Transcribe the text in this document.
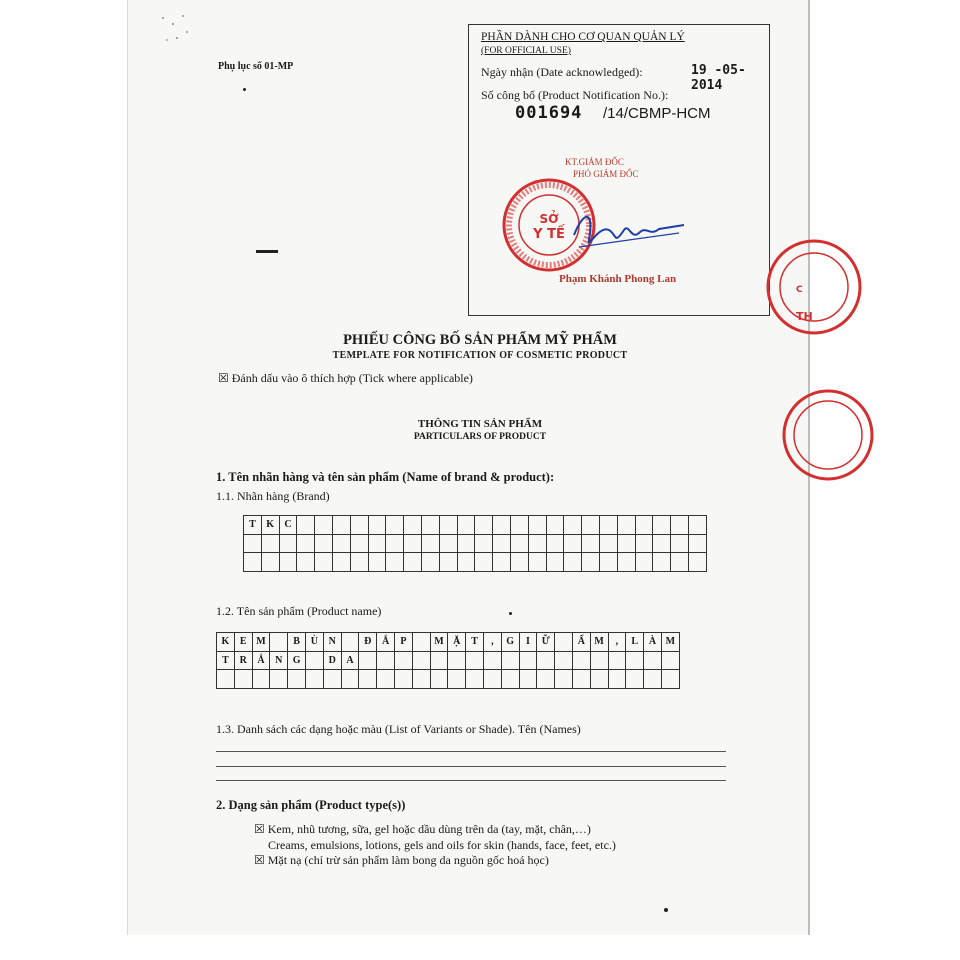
Phụ lục số 01-MP
PHẦN DÀNH CHO CƠ QUAN QUẢN LÝ
(FOR OFFICIAL USE)
Ngày nhận (Date acknowledged):	19 -05- 2014
Số công bố (Product Notification No.):
001694 /14/CBMP-HCM
KT.GIÁM ĐỐC
PHÓ GIÁM ĐỐC
SỞ
Y TẾ
Phạm Khánh Phong Lan
C
TH
PHIẾU CÔNG BỐ SẢN PHẨM MỸ PHẨM
TEMPLATE FOR NOTIFICATION OF COSMETIC PRODUCT
☒ Đánh dấu vào ô thích hợp (Tick where applicable)
THÔNG TIN SẢN PHẨM
PARTICULARS OF PRODUCT
1. Tên nhãn hàng và tên sản phẩm (Name of brand & product):
1.1. Nhãn hàng (Brand)
T	K	C																							

1.2. Tên sản phẩm (Product name)
K	E	M		B	Ù	N		Đ	Ắ	P		M	Ặ	T	,	G	I	Ữ		Ẩ	M	,	L	À	M
T	R	Ắ	N	G		D	A																		

1.3. Danh sách các dạng hoặc màu (List of Variants or Shade). Tên (Names)
2. Dạng sản phẩm (Product type(s))
☒ Kem, nhũ tương, sữa, gel hoặc dầu dùng trên da (tay, mặt, chân,…)
Creams, emulsions, lotions, gels and oils for skin (hands, face, feet, etc.)
☒ Mặt nạ (chỉ trừ sản phẩm làm bong da nguồn gốc hoá học)
